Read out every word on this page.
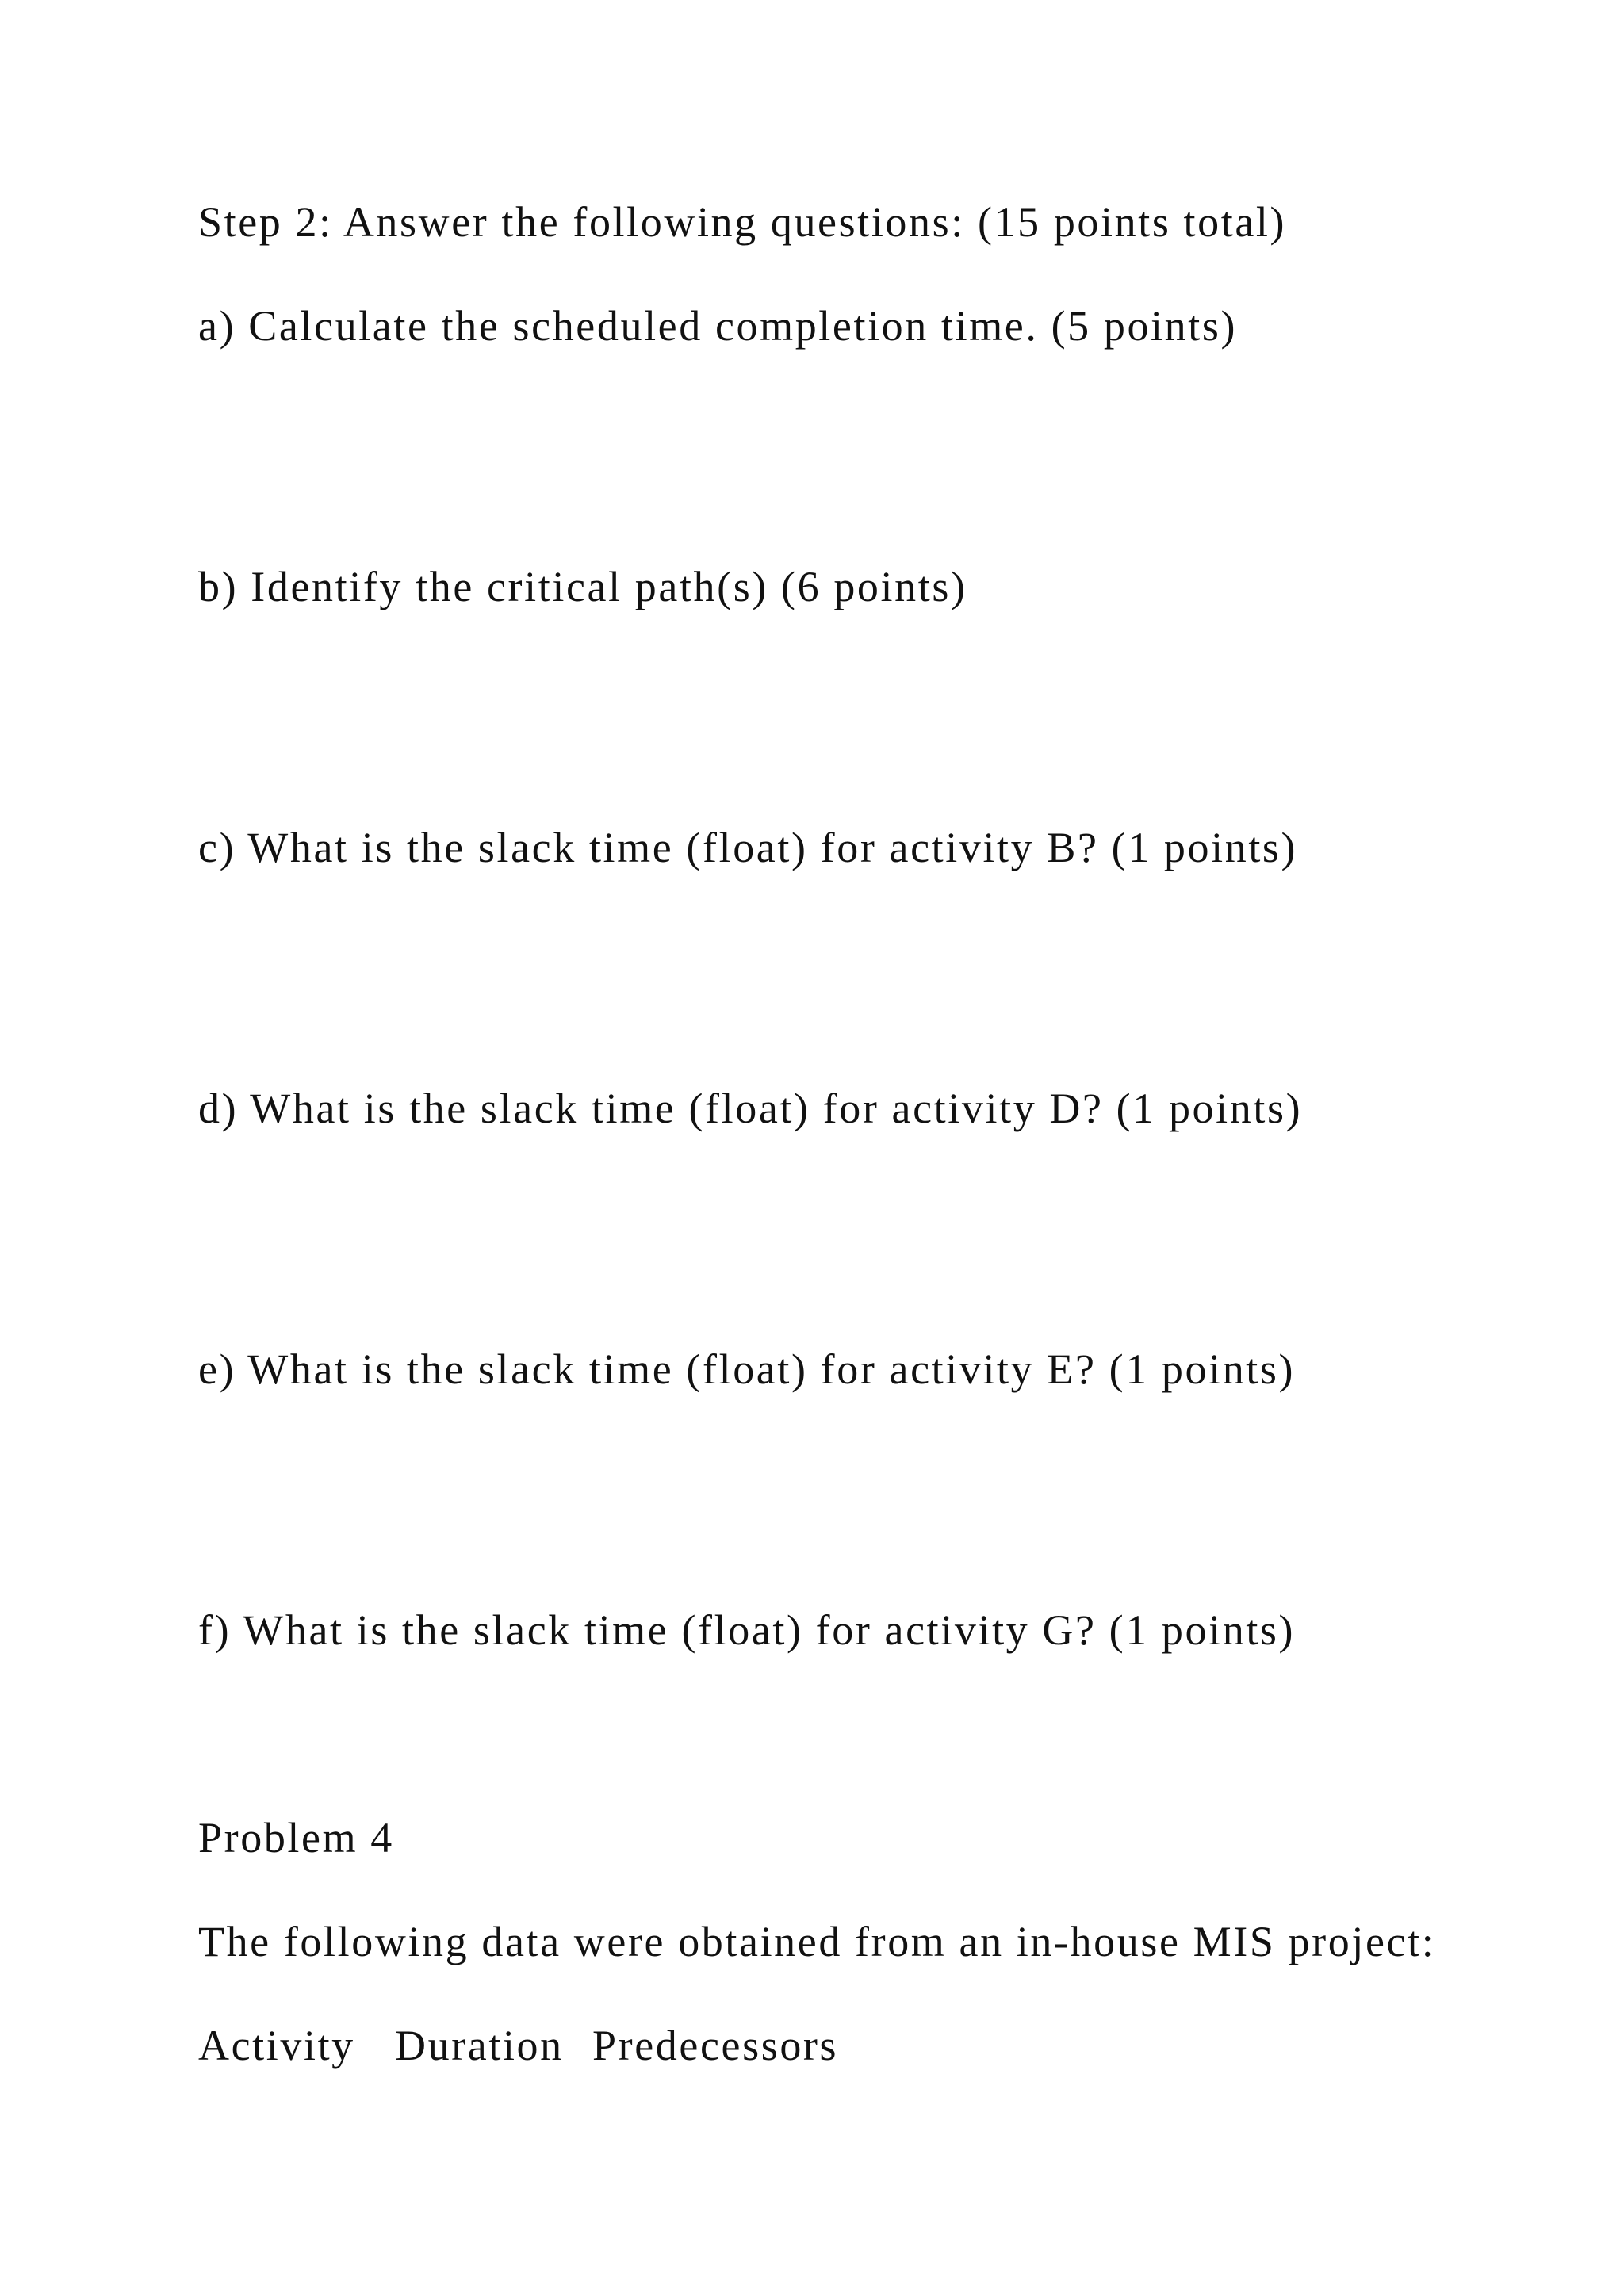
Step 2: Answer the following questions: (15 points total)

a) Calculate the scheduled completion time. (5 points)

b) Identify the critical path(s) (6 points)

c) What is the slack time (float) for activity B? (1 points)

d) What is the slack time (float) for activity D? (1 points)

e) What is the slack time (float) for activity E? (1 points)

f) What is the slack time (float) for activity G? (1 points)

Problem 4

The following data were obtained from an in-house MIS project:

Activity Duration Predecessors
